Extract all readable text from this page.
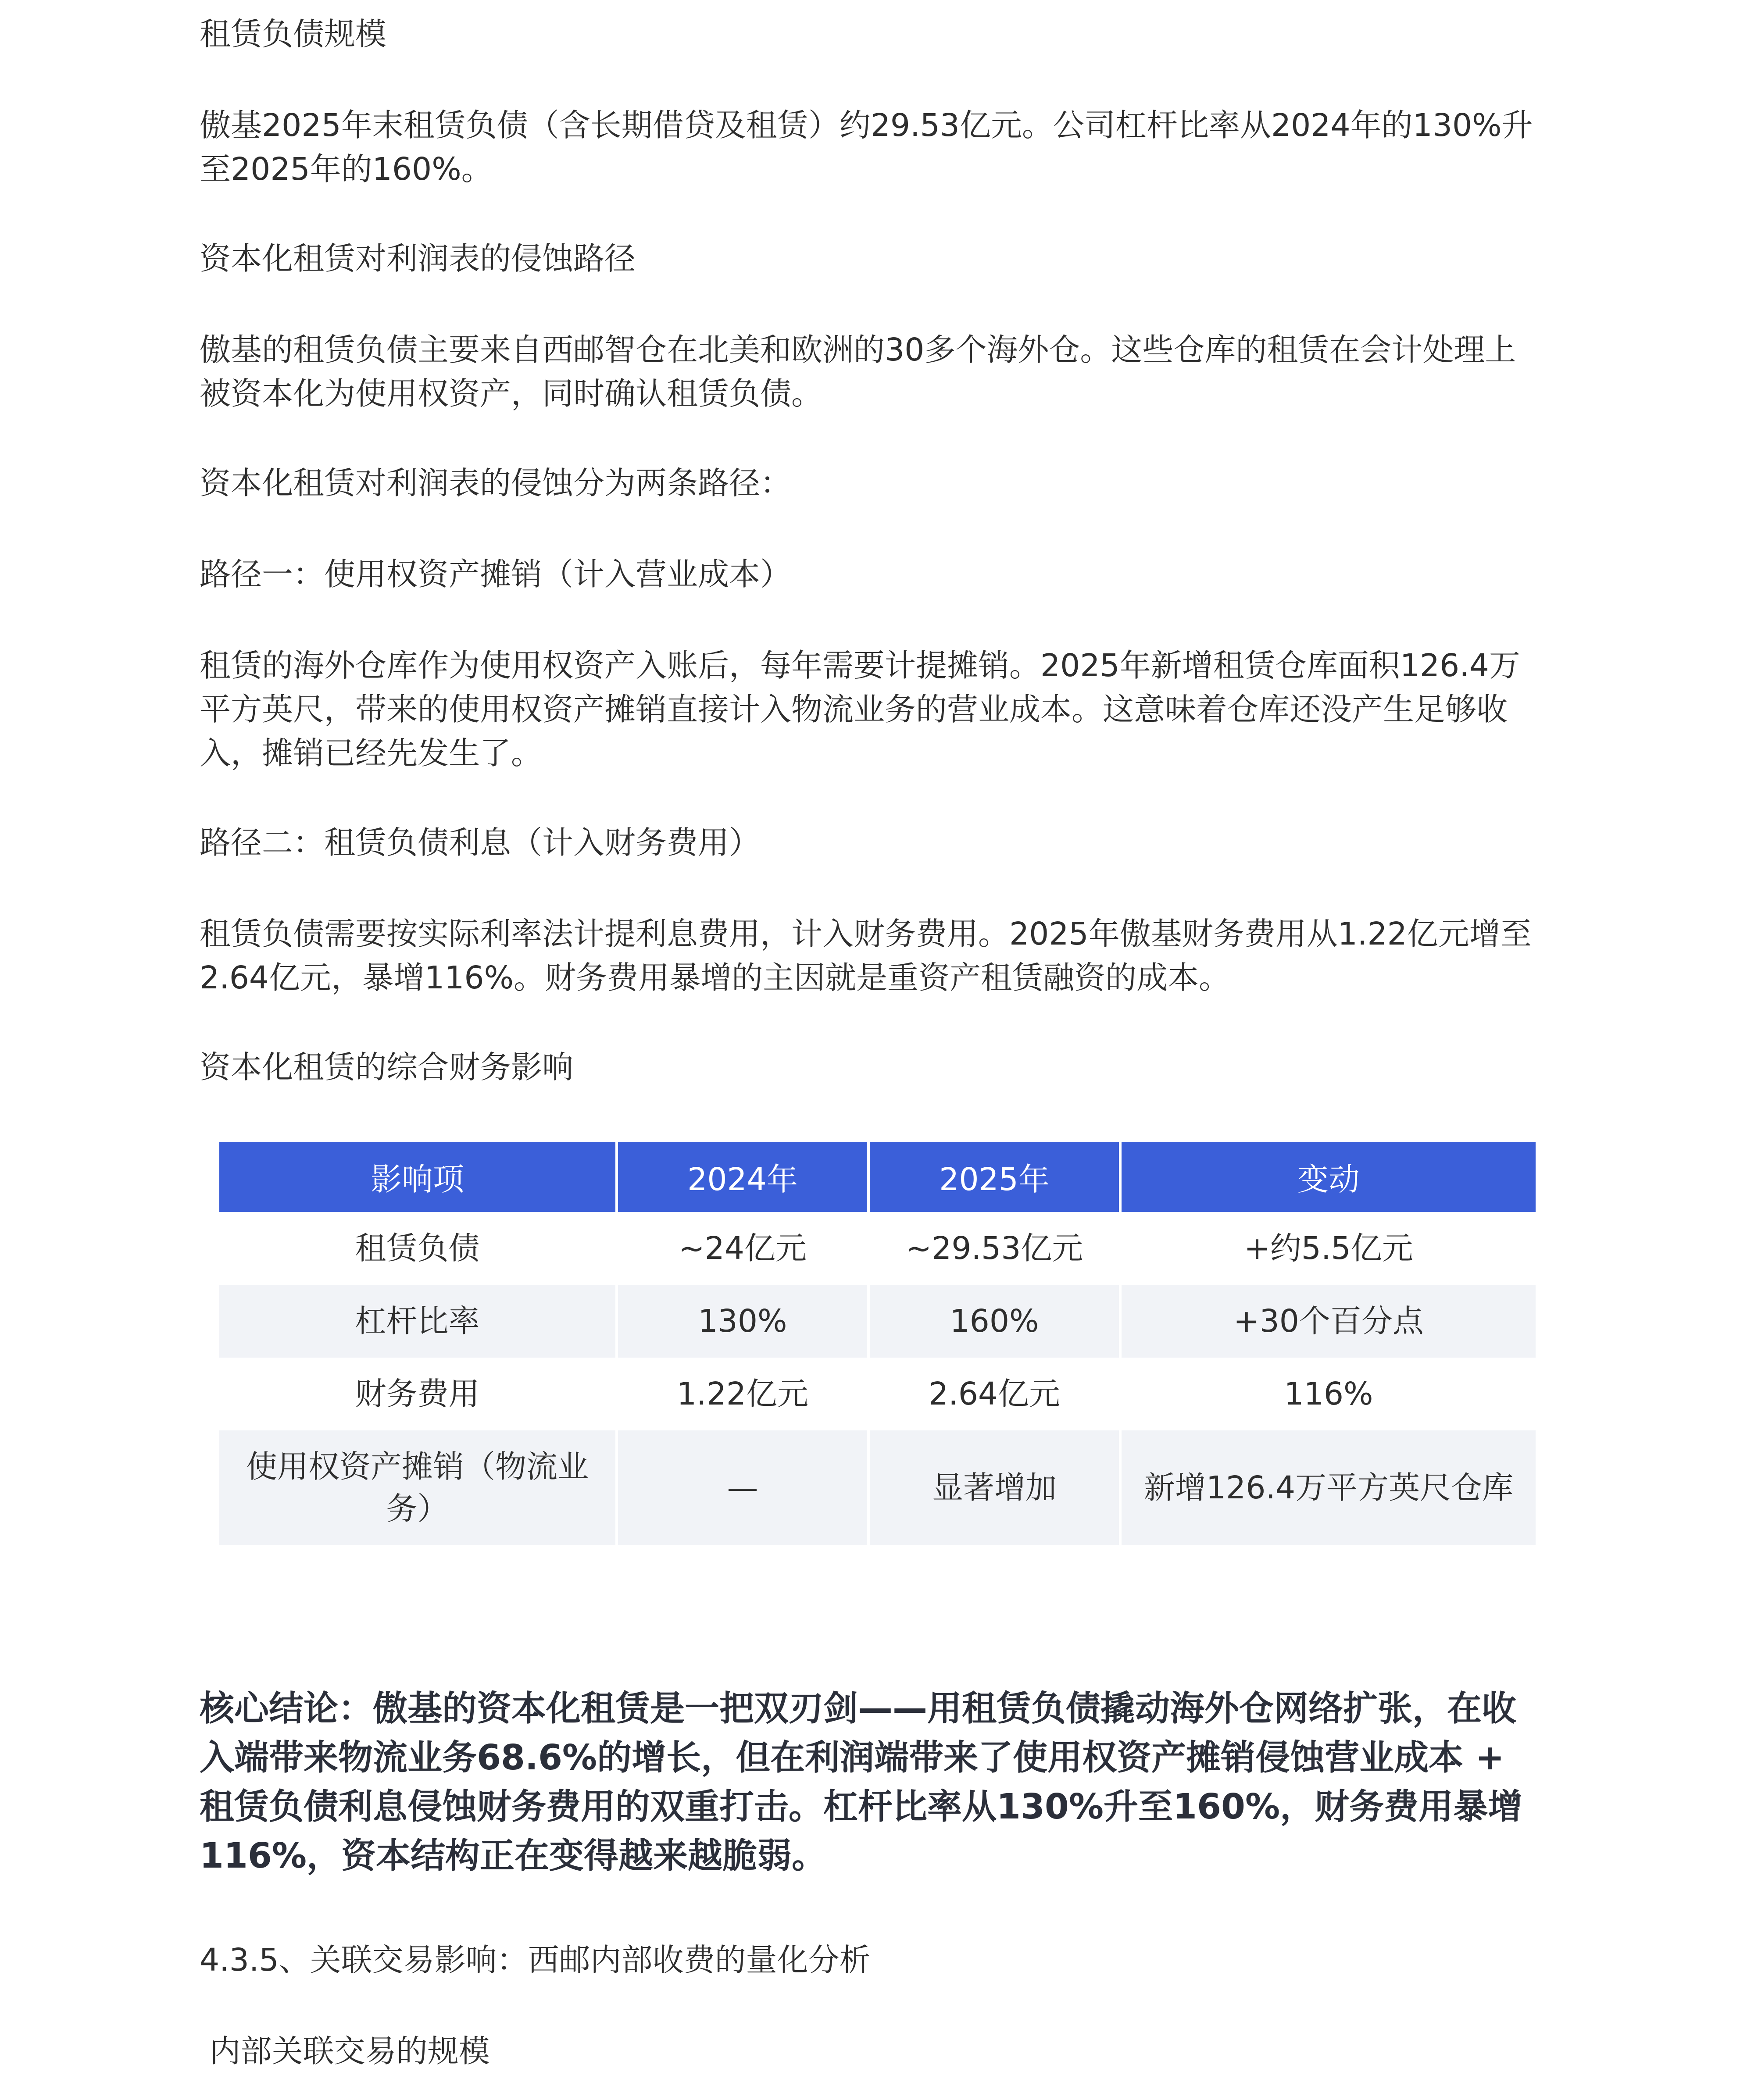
租赁负债规模

傲基2025年末租赁负债（含长期借贷及租赁）约29.53亿元。公司杠杆比率从2024年的130%升至2025年的160%。

资本化租赁对利润表的侵蚀路径

傲基的租赁负债主要来自西邮智仓在北美和欧洲的30多个海外仓。这些仓库的租赁在会计处理上被资本化为使用权资产，同时确认租赁负债。

资本化租赁对利润表的侵蚀分为两条路径：

路径一：使用权资产摊销（计入营业成本）

租赁的海外仓库作为使用权资产入账后，每年需要计提摊销。2025年新增租赁仓库面积126.4万平方英尺，带来的使用权资产摊销直接计入物流业务的营业成本。这意味着仓库还没产生足够收入，摊销已经先发生了。

路径二：租赁负债利息（计入财务费用）

租赁负债需要按实际利率法计提利息费用，计入财务费用。2025年傲基财务费用从1.22亿元增至2.64亿元，暴增116%。财务费用暴增的主因就是重资产租赁融资的成本。

资本化租赁的综合财务影响

影响项	2024年	2025年	变动
租赁负债	~24亿元	~29.53亿元	+约5.5亿元
杠杆比率	130%	160%	+30个百分点
财务费用	1.22亿元	2.64亿元	116%
使用权资产摊销（物流业务）	—	显著增加	新增126.4万平方英尺仓库

核心结论：傲基的资本化租赁是一把双刃剑——用租赁负债撬动海外仓网络扩张，在收入端带来物流业务68.6%的增长，但在利润端带来了使用权资产摊销侵蚀营业成本 + 租赁负债利息侵蚀财务费用的双重打击。杠杆比率从130%升至160%，财务费用暴增116%，资本结构正在变得越来越脆弱。

4.3.5、关联交易影响：西邮内部收费的量化分析

内部关联交易的规模
